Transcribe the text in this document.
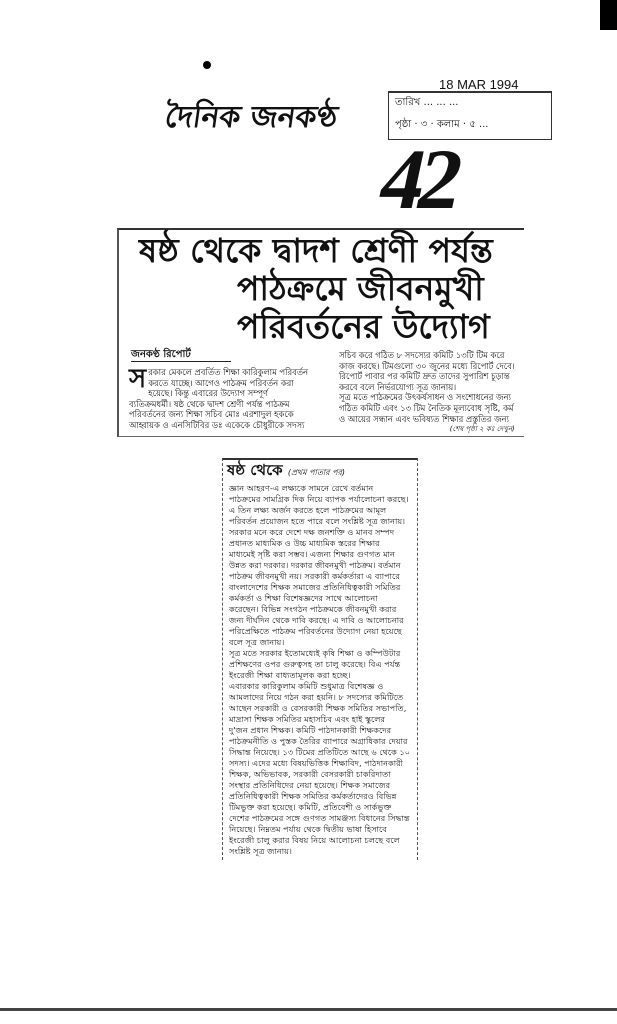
দৈনিক জনকণ্ঠ	তারিখ ... ... ...
18 MAR 1994
পৃষ্ঠা · ৩ · কলাম · ৫ ...
42
ষষ্ঠ থেকে দ্বাদশ শ্রেণী পর্যন্ত
পাঠক্রমে জীবনমুখী
পরিবর্তনের উদ্যোগ
জনকণ্ঠ রিপোর্ট
স রকার মেকলে প্রবর্তিত শিক্ষা কারিকুলাম পরিবর্তন
করতে যাচ্ছে। আগেও পাঠক্রম পরিবর্তন করা
হয়েছে। কিন্তু এবারের উদ্যোগ সম্পূর্ণ
ব্যতিক্রমধর্মী। ষষ্ঠ থেকে দ্বাদশ শ্রেণী পর্যন্ত পাঠক্রম
পরিবর্তনের জন্য শিক্ষা সচিব মোঃ এরশাদুল হককে
আহ্বায়ক ও এনসিটিবির ডঃ একেকে চৌধুরীকে সদস্য
সচিব করে গঠিত ৮ সদস্যের কমিটি ১৩টি টিম করে
কাজ করছে। টিমগুলো ৩০ জুনের মধ্যে রিপোর্ট দেবে।
রিপোর্ট পাবার পর কমিটি দ্রুত তাদের সুপারিশ চূড়ান্ত
করবে বলে নির্ভরযোগ্য সূত্র জানায়।
সূত্র মতে পাঠক্রমের উৎকর্ষসাধন ও সংশোধনের জন্য
গঠিত কমিটি এবং ১৩ টিম নৈতিক মূল্যবোধ সৃষ্টি, কর্ম
ও আয়ের সন্ধান এবং ভবিষ্যত শিক্ষার প্রস্তুতির জন্য
(শেষ পৃষ্ঠা ২ কঃ দেখুন)
ষষ্ঠ থেকে (প্রথম পাতার পর)
জ্ঞান আহরণ-এ লক্ষ্যকে সামনে রেখে বর্তমান
পাঠক্রমের সামগ্রিক দিক নিয়ে ব্যাপক পর্যালোচনা করছে।
এ তিন লক্ষ্য অর্জন করতে হলে পাঠক্রমের আমূল
পরিবর্তন প্রয়োজন হতে পারে বলে সংশ্লিষ্ট সূত্র জানায়।
সরকার মনে করে দেশে দক্ষ জনশক্তি ও মানব সম্পদ
প্রধানত মাধ্যমিক ও উচ্চ মাধ্যমিক স্তরের শিক্ষার
মাধ্যমেই সৃষ্টি করা সম্ভব। এজন্য শিক্ষার গুণগত মান
উন্নত করা দরকার। দরকার জীবনমুখী পাঠক্রম। বর্তমান
পাঠক্রম জীবনমুখী নয়। সরকারী কর্মকর্তারা এ ব্যাপারে
বাংলাদেশের শিক্ষক সমাজের প্রতিনিধিত্বকারী সমিতির
কর্মকর্তা ও শিক্ষা বিশেষজ্ঞদের সাথে আলোচনা
করেছেন। বিভিন্ন সংগঠন পাঠক্রমকে জীবনমুখী করার
জন্য দীর্ঘদিন থেকে দাবি করছে। এ দাবি ও আলোচনার
পরিপ্রেক্ষিতে পাঠক্রম পরিবর্তনের উদ্যোগ নেয়া হয়েছে
বলে সূত্র জানায়।
সূত্র মতে সরকার ইতোমধ্যেই কৃষি শিক্ষা ও কম্পিউটার
প্রশিক্ষণের ওপর গুরুত্বসহ তা চালু করেছে। বিএ পর্যন্ত
ইংরেজী শিক্ষা বাধ্যতামূলক করা হচ্ছে।
এবারকার কারিকুলাম কমিটি শুধুমাত্র বিশেষজ্ঞ ও
আমলাদের নিয়ে গঠন করা হয়নি। ৮ সদস্যের কমিটিতে
আছেন সরকারী ও বেসরকারী শিক্ষক সমিতির সভাপতি,
মাদ্রাসা শিক্ষক সমিতির মহাসচিব এবং হাই স্কুলের
দু'জন প্রধান শিক্ষক। কমিটি পাঠদানকারী শিক্ষকদের
পাঠক্রমনীতি ও পুস্তক তৈরির ব্যাপারে অগ্রাধিকার দেয়ার
সিদ্ধান্ত নিয়েছে। ১৩ টিমের প্রতিটিতে আছে ৬ থেকে ১০
সদস্য। এদের মধ্যে বিষয়ভিত্তিক শিক্ষাবিদ, পাঠদানকারী
শিক্ষক, অভিভাবক, সরকারী বেসরকারী চাকরিদাতা
সংস্থার প্রতিনিধিদের নেয়া হয়েছে। শিক্ষক সমাজের
প্রতিনিধিত্বকারী শিক্ষক সমিতির কর্মকর্তাদেরও বিভিন্ন
টিমভুক্ত করা হয়েছে। কমিটি, প্রতিবেশী ও সার্কভুক্ত
দেশের পাঠক্রমের সঙ্গে গুণগত সামঞ্জস্য বিধানের সিদ্ধান্ত
নিয়েছে। নিম্নতম পর্যায় থেকে দ্বিতীয় ভাষা হিসাবে
ইংরেজী চালু করার বিষয় নিয়ে আলোচনা চলছে বলে
সংশ্লিষ্ট সূত্র জানায়।
